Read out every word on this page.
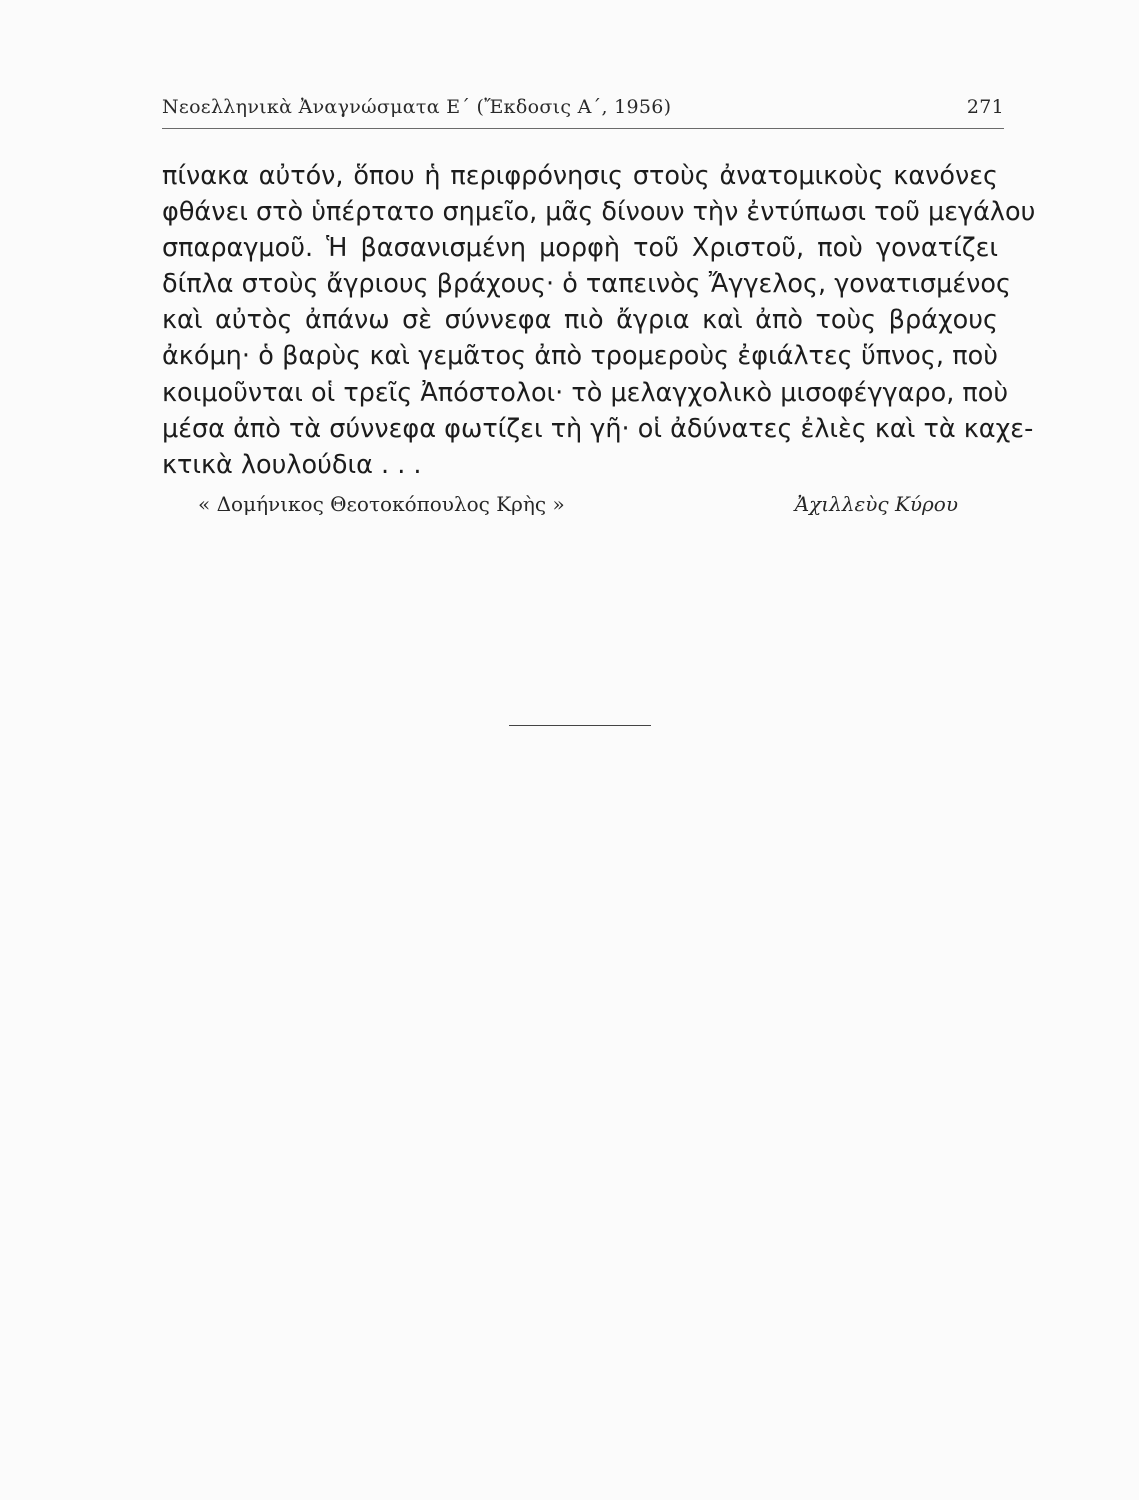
Νεοελληνικὰ Ἀναγνώσματα Ε΄ (Ἔκδοσις Α΄, 1956)	271
πίνακα αὐτόν, ὅπου ἡ περιφρόνησις στοὺς ἀνατομικοὺς κανόνες
φθάνει στὸ ὑπέρτατο σημεῖο, μᾶς δίνουν τὴν ἐντύπωσι τοῦ μεγάλου
σπαραγμοῦ. Ἡ βασανισμένη μορφὴ τοῦ Χριστοῦ, ποὺ γονατίζει
δίπλα στοὺς ἄγριους βράχους· ὁ ταπεινὸς Ἄγγελος, γονατισμένος
καὶ αὐτὸς ἀπάνω σὲ σύννεφα πιὸ ἄγρια καὶ ἀπὸ τοὺς βράχους
ἀκόμη· ὁ βαρὺς καὶ γεμᾶτος ἀπὸ τρομεροὺς ἐφιάλτες ὕπνος, ποὺ
κοιμοῦνται οἱ τρεῖς Ἀπόστολοι· τὸ μελαγχολικὸ μισοφέγγαρο, ποὺ
μέσα ἀπὸ τὰ σύννεφα φωτίζει τὴ γῆ· οἱ ἀδύνατες ἐλιὲς καὶ τὰ καχε-
κτικὰ λουλούδια . . .
« Δομήνικος Θεοτοκόπουλος Κρὴς »	Ἀχιλλεὺς Κύρου
